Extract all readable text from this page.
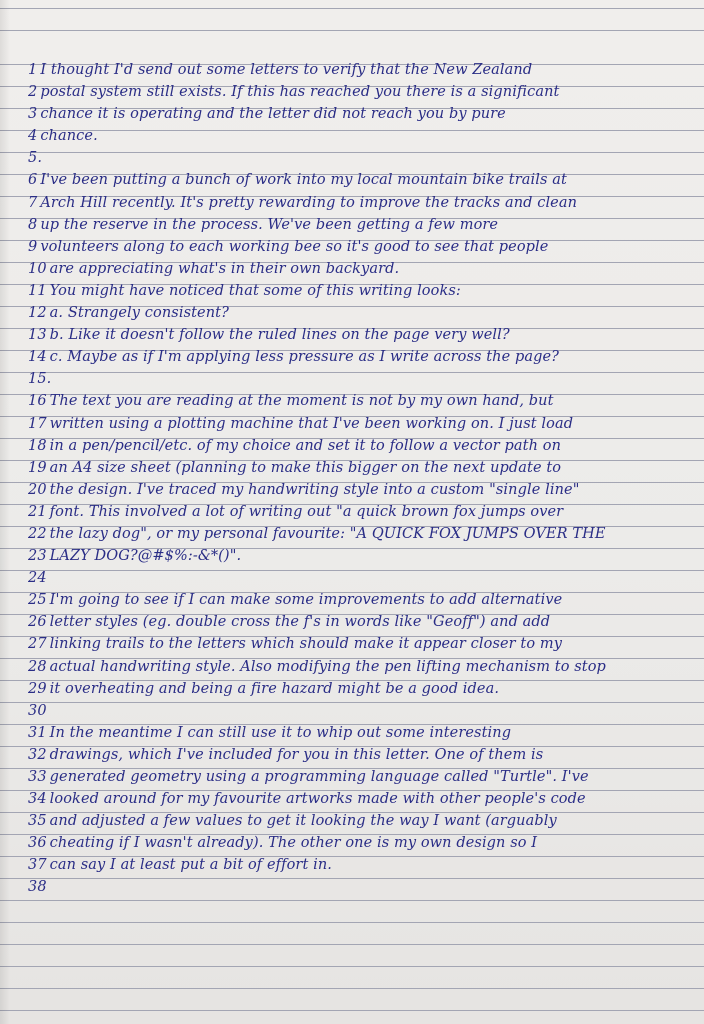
1 I thought I'd send out some letters to verify that the New Zealand
2 postal system still exists. If this has reached you there is a significant
3 chance it is operating and the letter did not reach you by pure
4 chance.
5.
6 I've been putting a bunch of work into my local mountain bike trails at
7 Arch Hill recently. It's pretty rewarding to improve the tracks and clean
8 up the reserve in the process. We've been getting a few more
9 volunteers along to each working bee so it's good to see that people
10 are appreciating what's in their own backyard.
11 You might have noticed that some of this writing looks:
12 a. Strangely consistent?
13 b. Like it doesn't follow the ruled lines on the page very well?
14 c. Maybe as if I'm applying less pressure as I write across the page?
15.
16 The text you are reading at the moment is not by my own hand, but
17 written using a plotting machine that I've been working on. I just load
18 in a pen/pencil/etc. of my choice and set it to follow a vector path on
19 an A4 size sheet (planning to make this bigger on the next update to
20 the design. I've traced my handwriting style into a custom "single line"
21 font. This involved a lot of writing out "a quick brown fox jumps over
22 the lazy dog", or my personal favourite: "A QUICK FOX JUMPS OVER THE
23 LAZY DOG?@#$%:-&*()".
24
25 I'm going to see if I can make some improvements to add alternative
26 letter styles (eg. double cross the f's in words like "Geoff") and add
27 linking trails to the letters which should make it appear closer to my
28 actual handwriting style. Also modifying the pen lifting mechanism to stop
29 it overheating and being a fire hazard might be a good idea.
30
31 In the meantime I can still use it to whip out some interesting
32 drawings, which I've included for you in this letter. One of them is
33 generated geometry using a programming language called "Turtle". I've
34 looked around for my favourite artworks made with other people's code
35 and adjusted a few values to get it looking the way I want (arguably
36 cheating if I wasn't already). The other one is my own design so I
37 can say I at least put a bit of effort in.
38
